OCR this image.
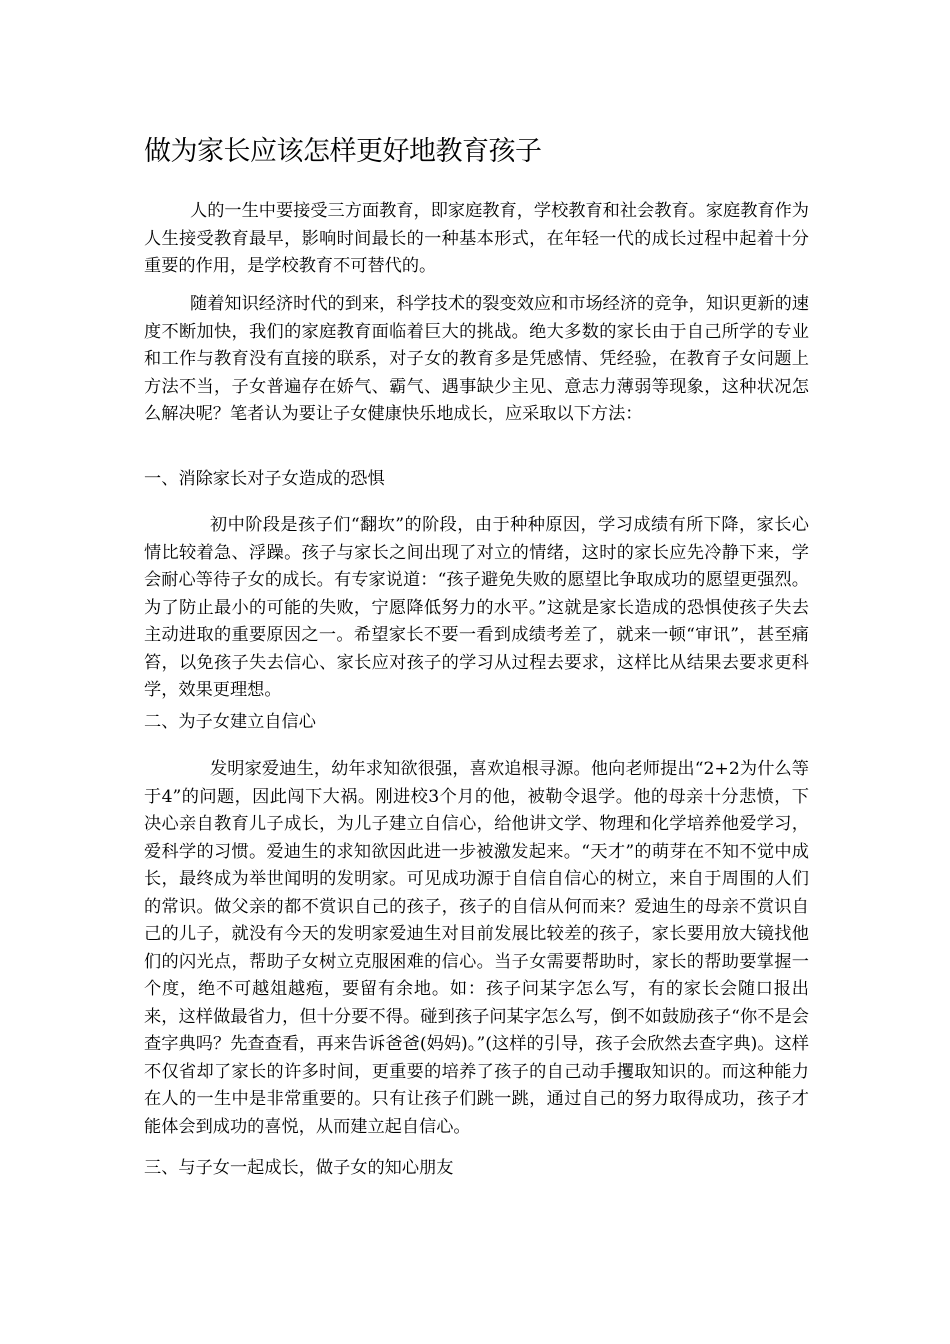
做为家长应该怎样更好地教育孩子

人的一生中要接受三方面教育，即家庭教育，学校教育和社会教育。家庭教育作为人生接受教育最早，影响时间最长的一种基本形式，在年轻一代的成长过程中起着十分重要的作用，是学校教育不可替代的。

随着知识经济时代的到来，科学技术的裂变效应和市场经济的竞争，知识更新的速度不断加快，我们的家庭教育面临着巨大的挑战。绝大多数的家长由于自己所学的专业和工作与教育没有直接的联系，对子女的教育多是凭感情、凭经验，在教育子女问题上方法不当，子女普遍存在娇气、霸气、遇事缺少主见、意志力薄弱等现象，这种状况怎么解决呢？笔者认为要让子女健康快乐地成长，应采取以下方法：

一、消除家长对子女造成的恐惧

初中阶段是孩子们“翻坎”的阶段，由于种种原因，学习成绩有所下降，家长心情比较着急、浮躁。孩子与家长之间出现了对立的情绪，这时的家长应先冷静下来，学会耐心等待子女的成长。有专家说道：“孩子避免失败的愿望比争取成功的愿望更强烈。为了防止最小的可能的失败，宁愿降低努力的水平。”这就是家长造成的恐惧使孩子失去主动进取的重要原因之一。希望家长不要一看到成绩考差了，就来一顿“审讯”，甚至痛笞，以免孩子失去信心、家长应对孩子的学习从过程去要求，这样比从结果去要求更科学，效果更理想。

二、为子女建立自信心

发明家爱迪生，幼年求知欲很强，喜欢追根寻源。他向老师提出“2+2为什么等于4”的问题，因此闯下大祸。刚进校3个月的他，被勒令退学。他的母亲十分悲愤，下决心亲自教育儿子成长，为儿子建立自信心，给他讲文学、物理和化学培养他爱学习，爱科学的习惯。爱迪生的求知欲因此进一步被激发起来。“天才”的萌芽在不知不觉中成长，最终成为举世闻明的发明家。可见成功源于自信自信心的树立，来自于周围的人们的常识。做父亲的都不赏识自己的孩子，孩子的自信从何而来？爱迪生的母亲不赏识自己的儿子，就没有今天的发明家爱迪生对目前发展比较差的孩子，家长要用放大镜找他们的闪光点，帮助子女树立克服困难的信心。当子女需要帮助时，家长的帮助要掌握一个度，绝不可越俎越疱，要留有余地。如：孩子问某字怎么写，有的家长会随口报出来，这样做最省力，但十分要不得。碰到孩子问某字怎么写，倒不如鼓励孩子“你不是会查字典吗？先查查看，再来告诉爸爸(妈妈)。”(这样的引导，孩子会欣然去查字典)。这样不仅省却了家长的许多时间，更重要的培养了孩子的自己动手攫取知识的。而这种能力在人的一生中是非常重要的。只有让孩子们跳一跳，通过自己的努力取得成功，孩子才能体会到成功的喜悦，从而建立起自信心。

三、与子女一起成长，做子女的知心朋友
